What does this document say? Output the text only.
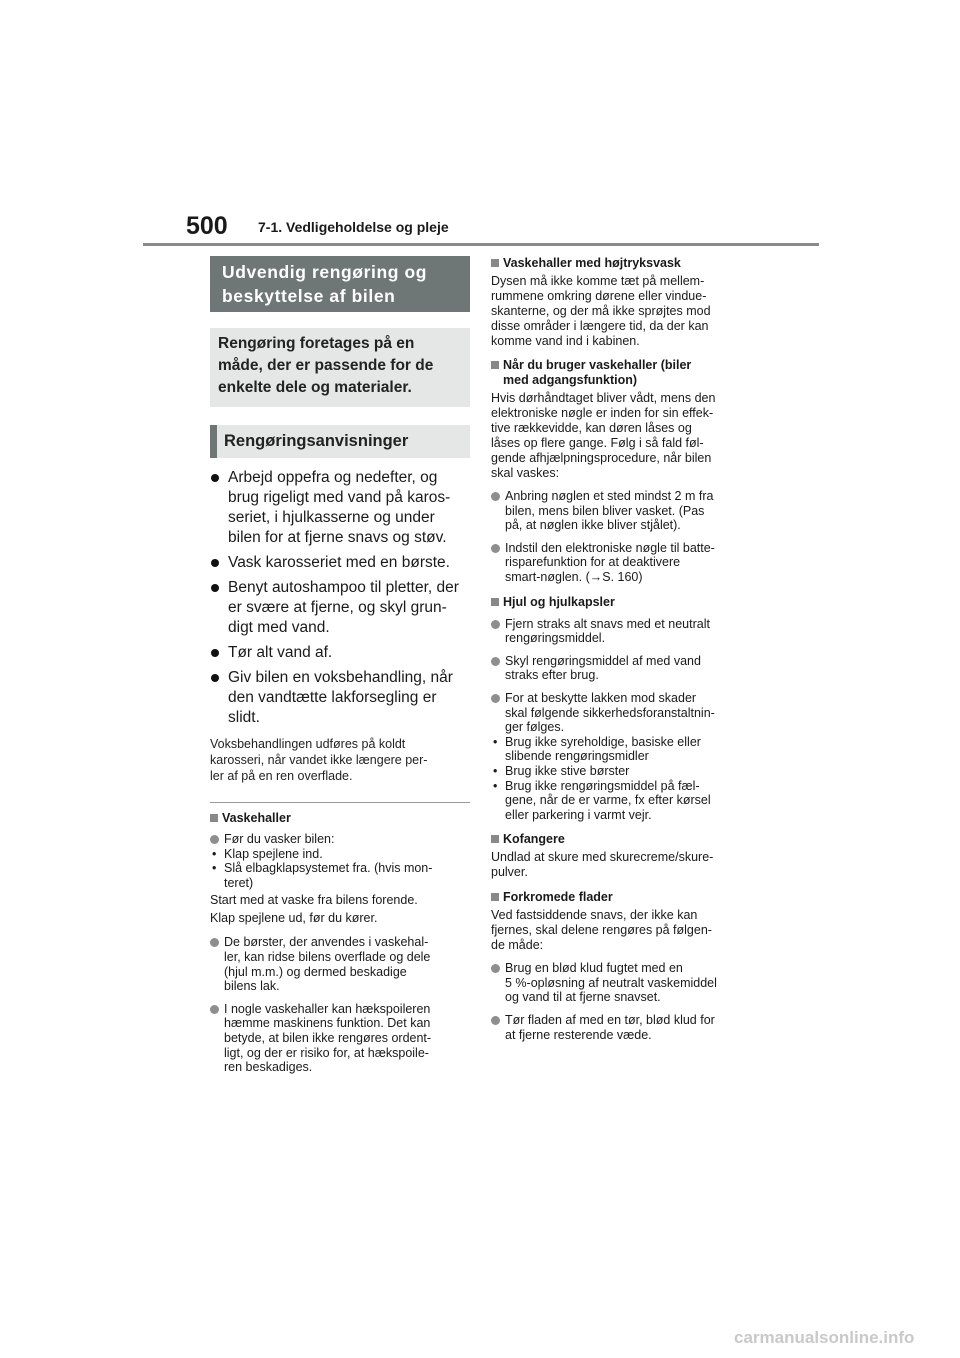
500 7-1. Vedligeholdelse og pleje
Udvendig rengøring og
beskyttelse af bilen

Rengøring foretages på en

måde, der er passende for de

enkelte dele og materialer.

Rengøringsanvisninger
Arbejd oppefra og nedefter, og
brug rigeligt med vand på karos-
seriet, i hjulkasserne og under
bilen for at fjerne snavs og støv.
Vask karosseriet med en børste.
Benyt autoshampoo til pletter, der
er svære at fjerne, og skyl grun-
digt med vand.
Tør alt vand af.
Giv bilen en voksbehandling, når
den vandtætte lakforsegling er
slidt.
Voksbehandlingen udføres på koldt
karosseri, når vandet ikke længere per-
ler af på en ren overflade.
Vaskehaller
Før du vasker bilen:
• Klap spejlene ind.
• Slå elbagklapsystemet fra. (hvis mon-
teret)

Start med at vaske fra bilens forende.

Klap spejlene ud, før du kører.

De børster, der anvendes i vaskehal-
ler, kan ridse bilens overflade og dele
(hjul m.m.) og dermed beskadige
bilens lak.
I nogle vaskehaller kan hækspoileren
hæmme maskinens funktion. Det kan
betyde, at bilen ikke rengøres ordent-
ligt, og der er risiko for, at hækspoile-
ren beskadiges.
Vaskehaller med højtryksvask
Dysen må ikke komme tæt på mellem-
rummene omkring dørene eller vindue-
skanterne, og der må ikke sprøjtes mod
disse områder i længere tid, da der kan
komme vand ind i kabinen.
Når du bruger vaskehaller (biler
med adgangsfunktion)
Hvis dørhåndtaget bliver vådt, mens den
elektroniske nøgle er inden for sin effek-
tive rækkevidde, kan døren låses og
låses op flere gange. Følg i så fald føl-
gende afhjælpningsprocedure, når bilen
skal vaskes:
Anbring nøglen et sted mindst 2 m fra
bilen, mens bilen bliver vasket. (Pas
på, at nøglen ikke bliver stjålet).
Indstil den elektroniske nøgle til batte-
risparefunktion for at deaktivere
smart-nøglen. (→S. 160)
Hjul og hjulkapsler
Fjern straks alt snavs med et neutralt
rengøringsmiddel.
Skyl rengøringsmiddel af med vand
straks efter brug.
For at beskytte lakken mod skader
skal følgende sikkerhedsforanstaltnin-
ger følges.
• Brug ikke syreholdige, basiske eller
slibende rengøringsmidler
• Brug ikke stive børster
• Brug ikke rengøringsmiddel på fæl-
gene, når de er varme, fx efter kørsel
eller parkering i varmt vejr.
Kofangere
Undlad at skure med skurecreme/skure-
pulver.
Forkromede flader
Ved fastsiddende snavs, der ikke kan
fjernes, skal delene rengøres på følgen-
de måde:
Brug en blød klud fugtet med en
5 %-opløsning af neutralt vaskemiddel
og vand til at fjerne snavset.
Tør fladen af med en tør, blød klud for
at fjerne resterende væde.
carmanualsonline.info
